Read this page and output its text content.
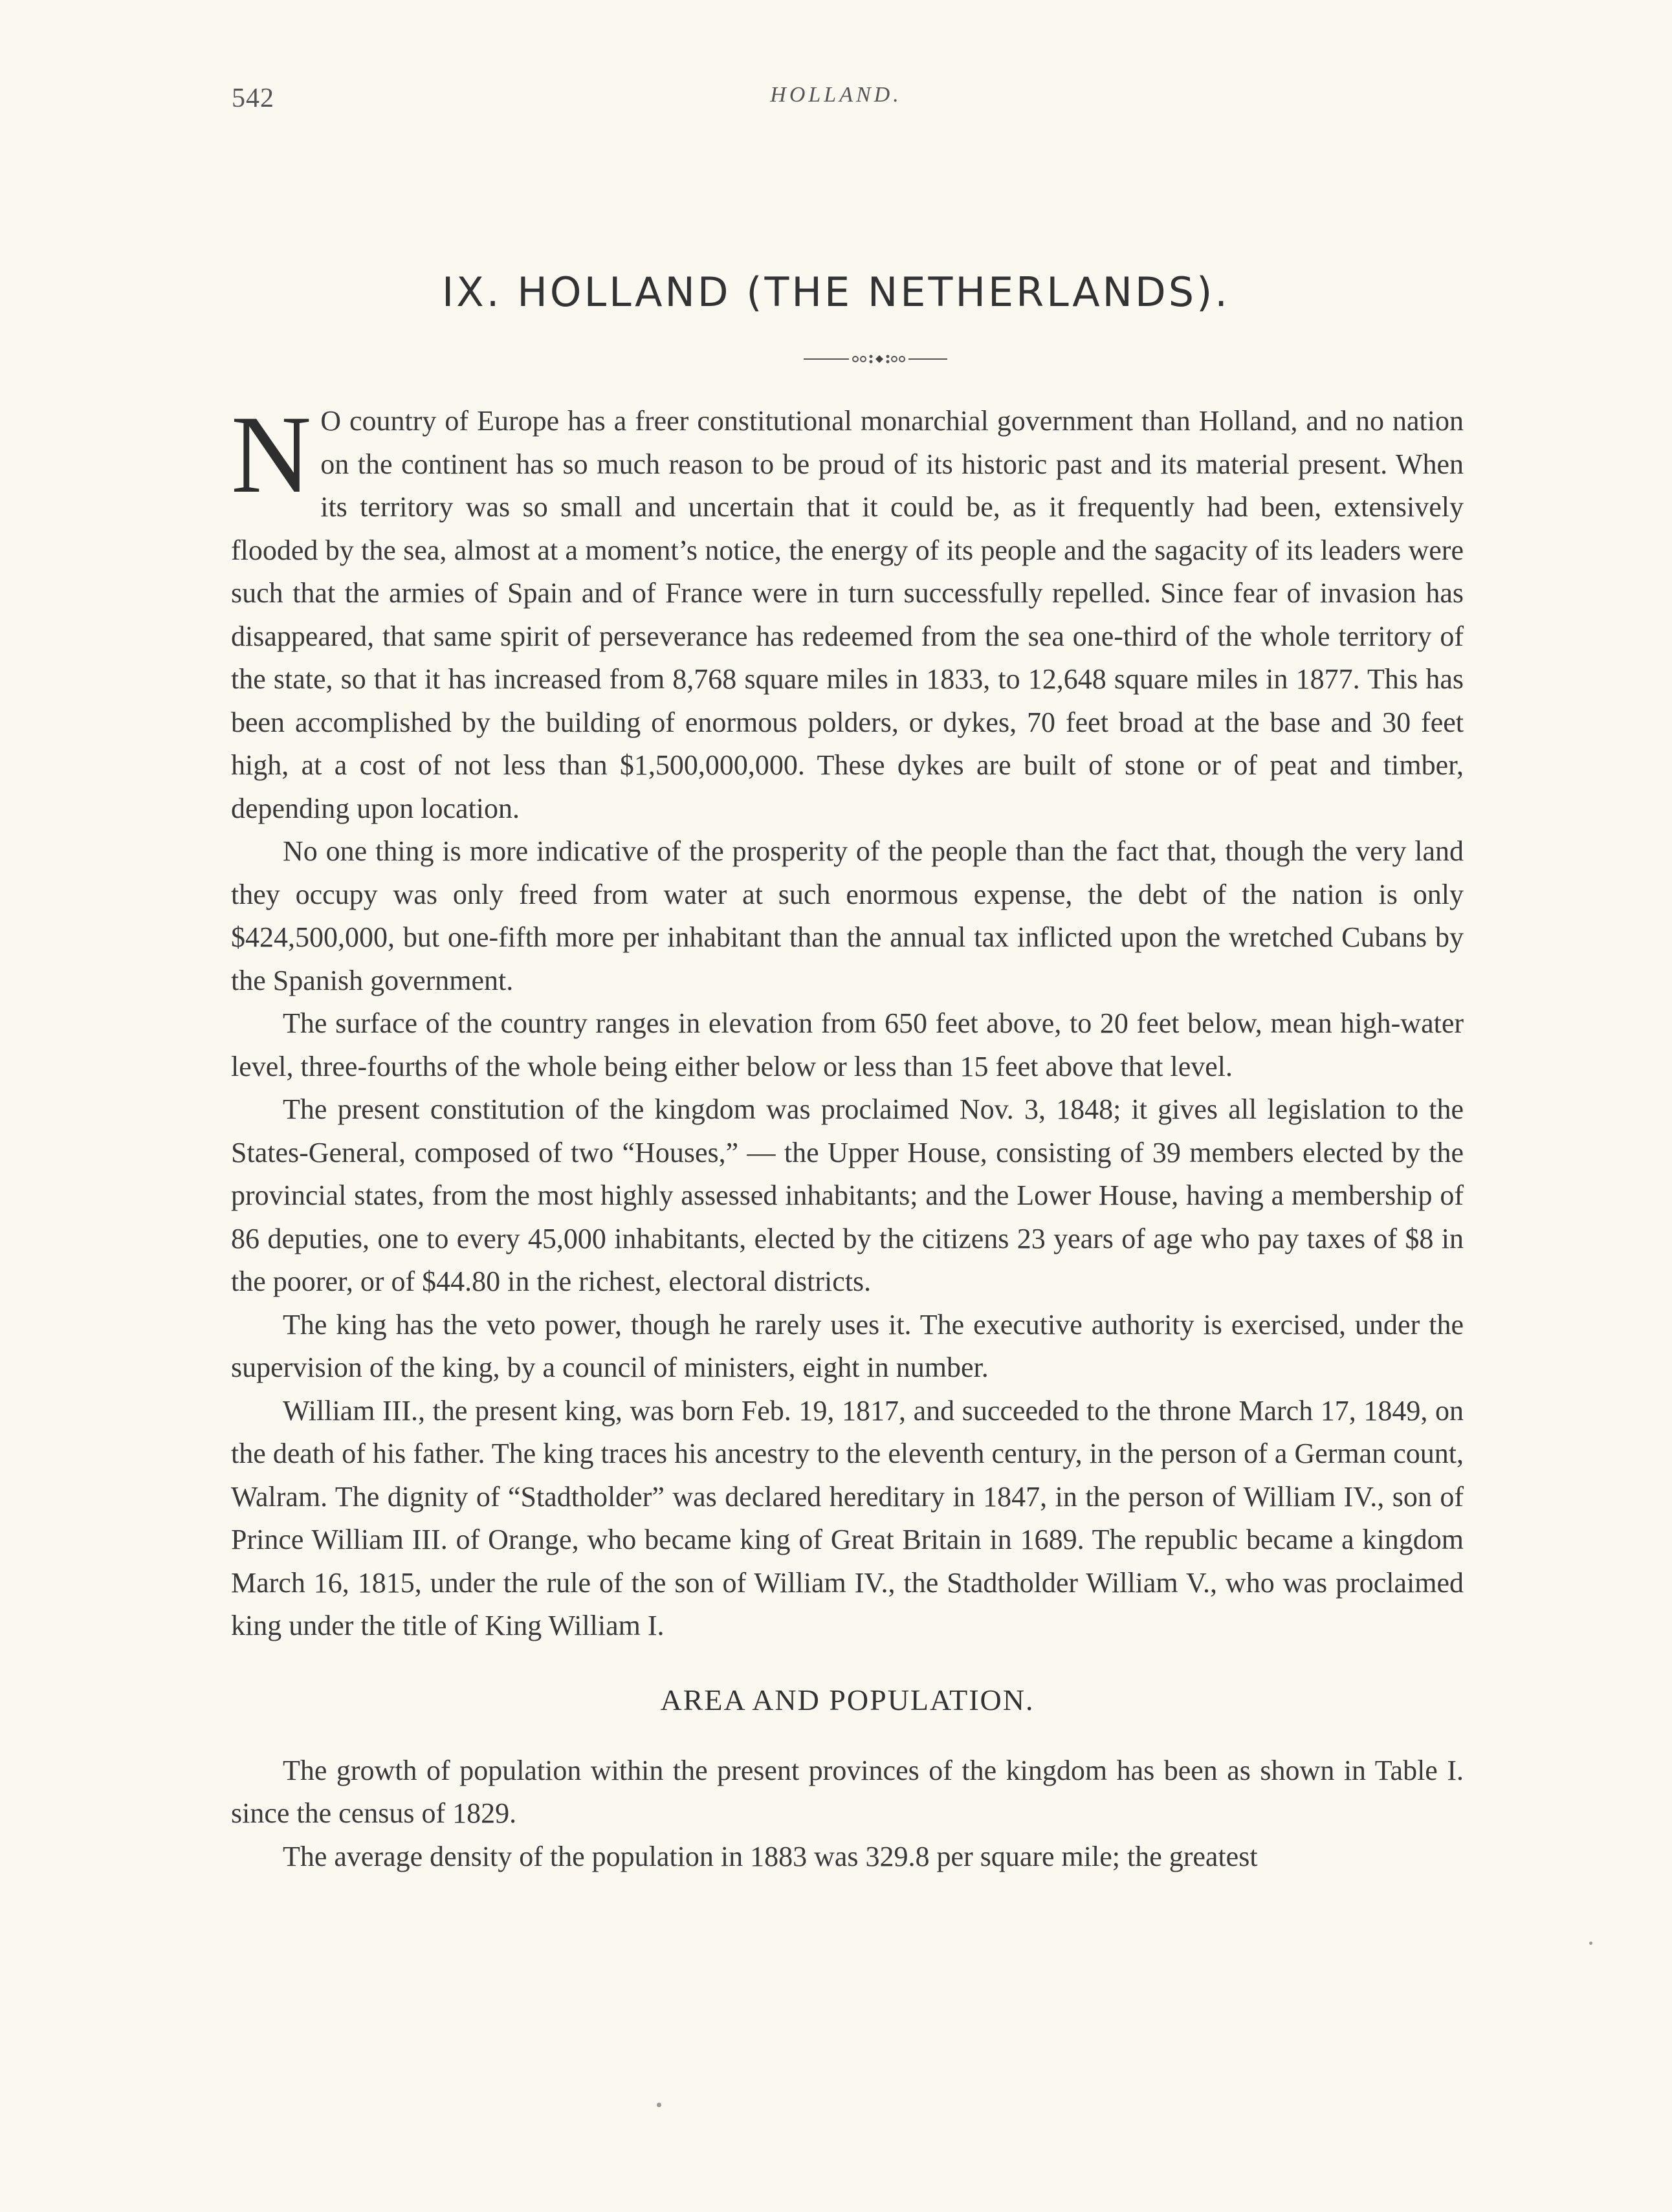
542	HOLLAND.
IX. HOLLAND (THE NETHERLANDS).

N O country of Europe has a freer constitutional monarchial government than Holland, and no nation on the continent has so much reason to be proud of its historic past and its material present. When its territory was so small and uncertain that it could be, as it frequently had been, extensively flooded by the sea, almost at a moment’s notice, the energy of its people and the sagacity of its leaders were such that the armies of Spain and of France were in turn successfully repelled. Since fear of invasion has disappeared, that same spirit of perseverance has redeemed from the sea one-third of the whole territory of the state, so that it has increased from 8,768 square miles in 1833, to 12,648 square miles in 1877. This has been accomplished by the building of enormous polders, or dykes, 70 feet broad at the base and 30 feet high, at a cost of not less than $1,500,000,000. These dykes are built of stone or of peat and timber, depending upon location.

No one thing is more indicative of the prosperity of the people than the fact that, though the very land they occupy was only freed from water at such enormous expense, the debt of the nation is only $424,500,000, but one-fifth more per inhabitant than the annual tax inflicted upon the wretched Cubans by the Spanish government.

The surface of the country ranges in elevation from 650 feet above, to 20 feet below, mean high-water level, three-fourths of the whole being either below or less than 15 feet above that level.

The present constitution of the kingdom was proclaimed Nov. 3, 1848; it gives all legislation to the States-General, composed of two “Houses,” — the Upper House, consisting of 39 members elected by the provincial states, from the most highly assessed inhabitants; and the Lower House, having a membership of 86 deputies, one to every 45,000 inhabitants, elected by the citizens 23 years of age who pay taxes of $8 in the poorer, or of $44.80 in the richest, electoral districts.

The king has the veto power, though he rarely uses it. The executive authority is exercised, under the supervision of the king, by a council of ministers, eight in number.

William III., the present king, was born Feb. 19, 1817, and succeeded to the throne March 17, 1849, on the death of his father. The king traces his ancestry to the eleventh century, in the person of a German count, Walram. The dignity of “Stadtholder” was declared hereditary in 1847, in the person of William IV., son of Prince William III. of Orange, who became king of Great Britain in 1689. The republic became a kingdom March 16, 1815, under the rule of the son of William IV., the Stadtholder William V., who was proclaimed king under the title of King William I.

AREA AND POPULATION.

The growth of population within the present provinces of the kingdom has been as shown in Table I. since the census of 1829.

The average density of the population in 1883 was 329.8 per square mile; the greatest
